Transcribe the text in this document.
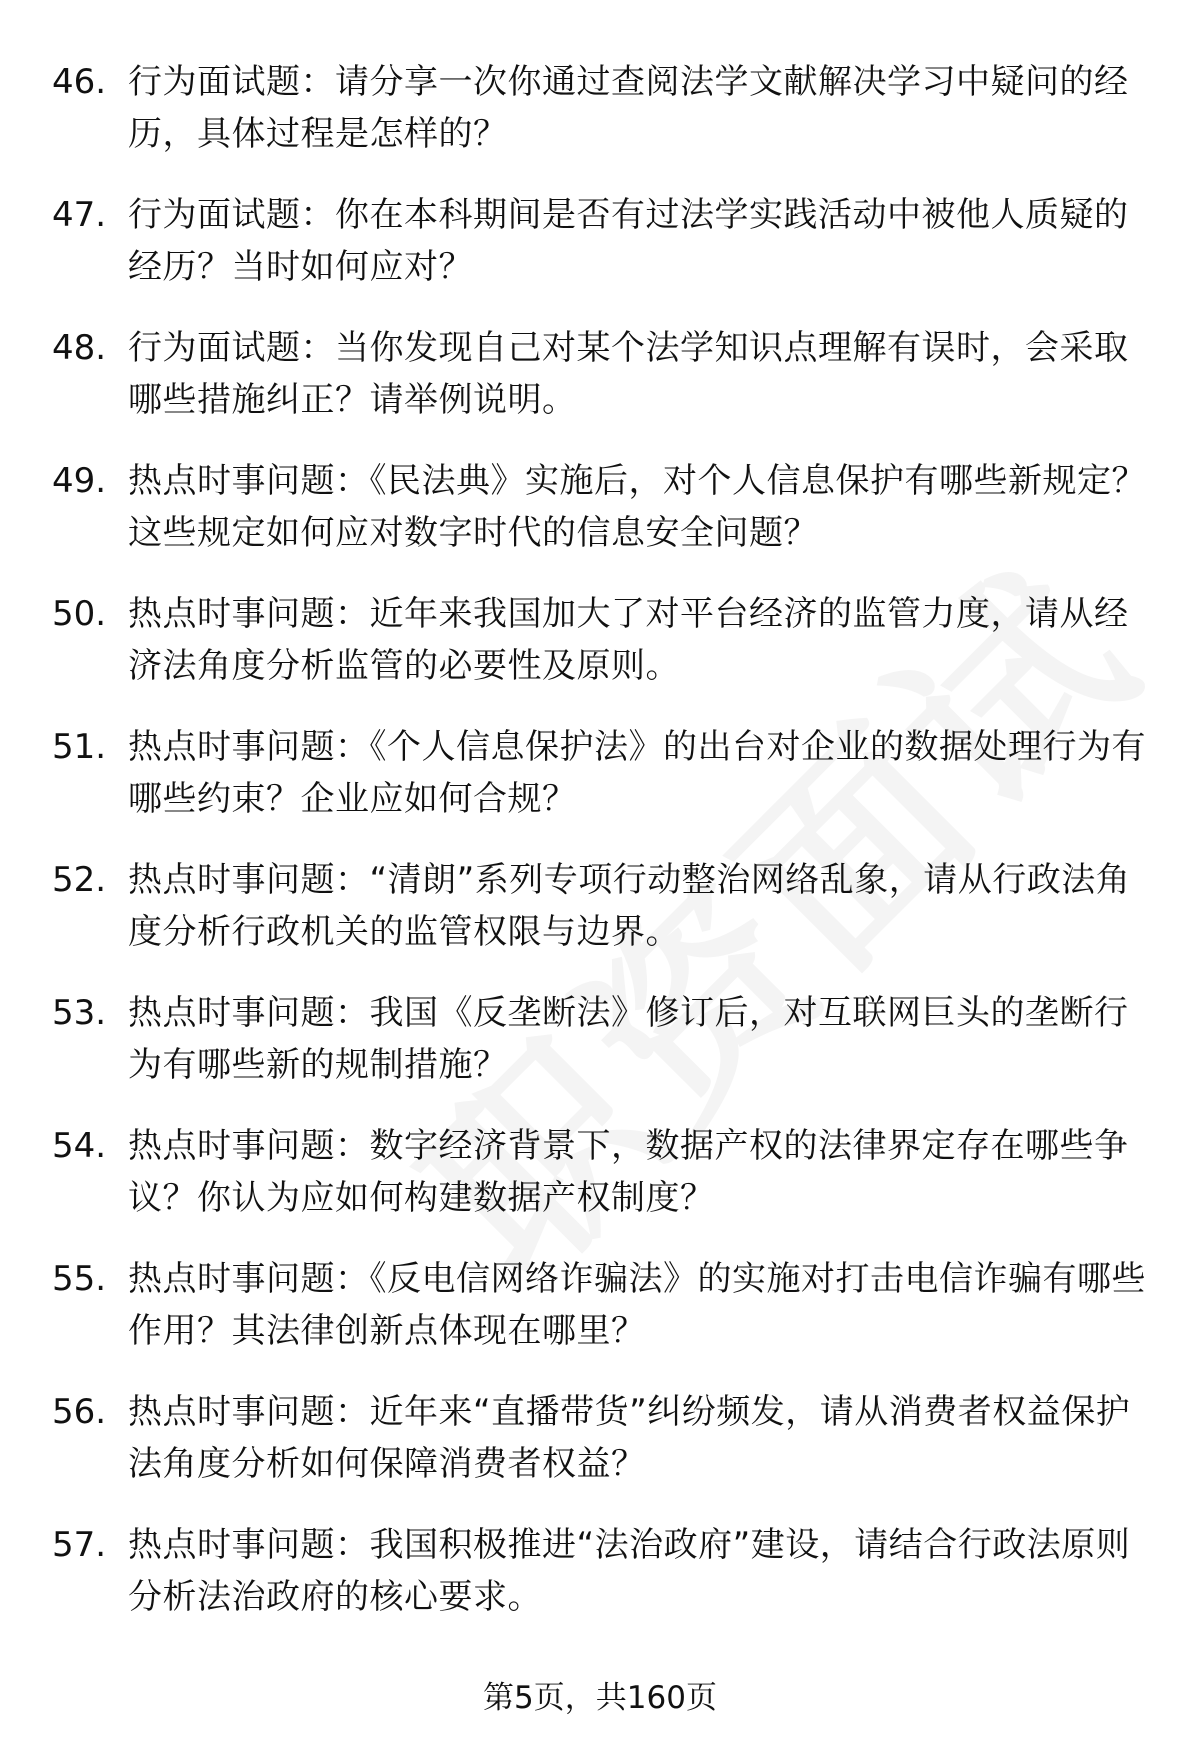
46. 行为面试题：请分享一次你通过查阅法学文献解决学习中疑问的经历，具体过程是怎样的？
47. 行为面试题：你在本科期间是否有过法学实践活动中被他人质疑的经历？当时如何应对？
48. 行为面试题：当你发现自己对某个法学知识点理解有误时，会采取哪些措施纠正？请举例说明。
49. 热点时事问题：《民法典》实施后，对个人信息保护有哪些新规定？这些规定如何应对数字时代的信息安全问题？
50. 热点时事问题：近年来我国加大了对平台经济的监管力度，请从经济法角度分析监管的必要性及原则。
51. 热点时事问题：《个人信息保护法》的出台对企业的数据处理行为有哪些约束？企业应如何合规？
52. 热点时事问题：“清朗”系列专项行动整治网络乱象，请从行政法角度分析行政机关的监管权限与边界。
53. 热点时事问题：我国《反垄断法》修订后，对互联网巨头的垄断行为有哪些新的规制措施？
54. 热点时事问题：数字经济背景下，数据产权的法律界定存在哪些争议？你认为应如何构建数据产权制度？
55. 热点时事问题：《反电信网络诈骗法》的实施对打击电信诈骗有哪些作用？其法律创新点体现在哪里？
56. 热点时事问题：近年来“直播带货”纠纷频发，请从消费者权益保护法角度分析如何保障消费者权益？
57. 热点时事问题：我国积极推进“法治政府”建设，请结合行政法原则分析法治政府的核心要求。
第5页，共160页
